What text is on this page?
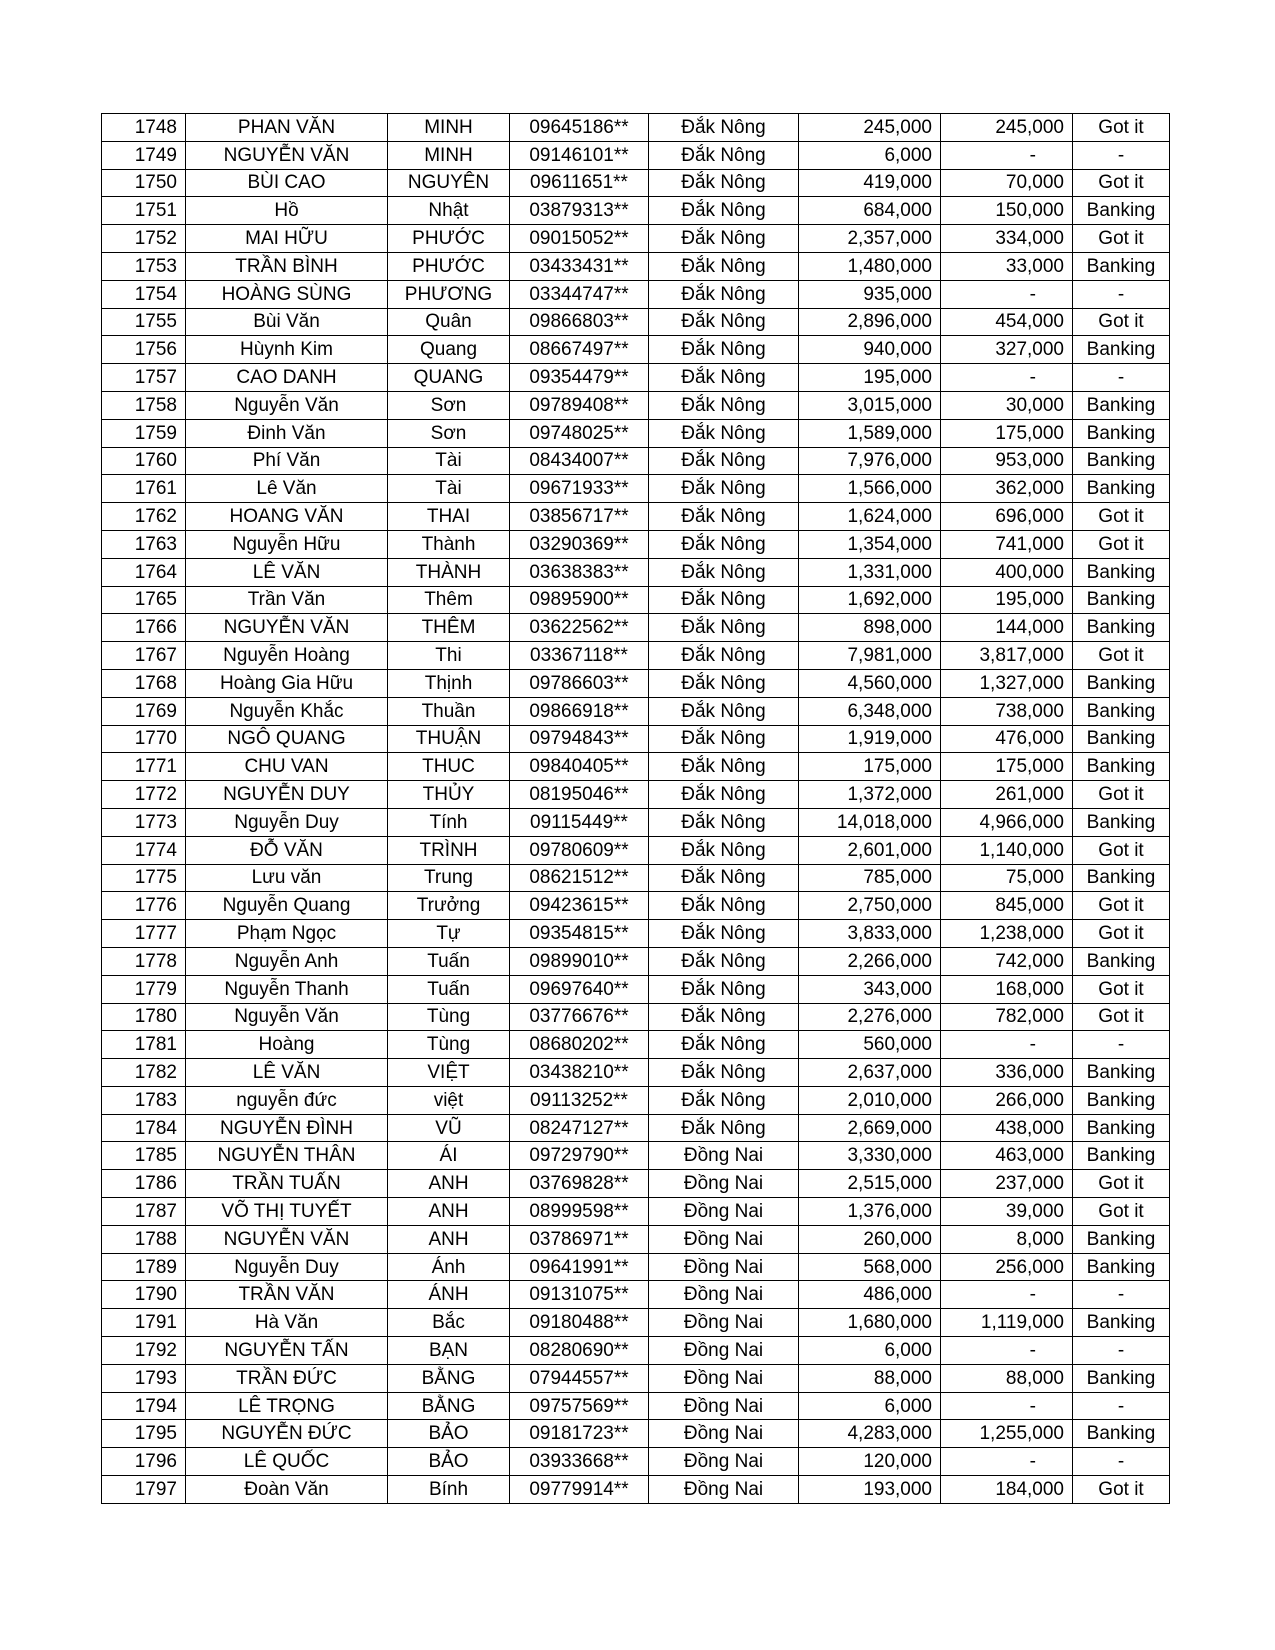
1748	PHAN VĂN	MINH	09645186**	Đắk Nông	245,000	245,000	Got it
1749	NGUYỄN VĂN	MINH	09146101**	Đắk Nông	6,000	-	-
1750	BÙI CAO	NGUYÊN	09611651**	Đắk Nông	419,000	70,000	Got it
1751	Hồ	Nhật	03879313**	Đắk Nông	684,000	150,000	Banking
1752	MAI HỮU	PHƯỚC	09015052**	Đắk Nông	2,357,000	334,000	Got it
1753	TRẦN BÌNH	PHƯỚC	03433431**	Đắk Nông	1,480,000	33,000	Banking
1754	HOÀNG SÙNG	PHƯƠNG	03344747**	Đắk Nông	935,000	-	-
1755	Bùi Văn	Quân	09866803**	Đắk Nông	2,896,000	454,000	Got it
1756	Hùynh Kim	Quang	08667497**	Đắk Nông	940,000	327,000	Banking
1757	CAO DANH	QUANG	09354479**	Đắk Nông	195,000	-	-
1758	Nguyễn Văn	Sơn	09789408**	Đắk Nông	3,015,000	30,000	Banking
1759	Đinh Văn	Sơn	09748025**	Đắk Nông	1,589,000	175,000	Banking
1760	Phí Văn	Tài	08434007**	Đắk Nông	7,976,000	953,000	Banking
1761	Lê Văn	Tài	09671933**	Đắk Nông	1,566,000	362,000	Banking
1762	HOANG VĂN	THAI	03856717**	Đắk Nông	1,624,000	696,000	Got it
1763	Nguyễn Hữu	Thành	03290369**	Đắk Nông	1,354,000	741,000	Got it
1764	LÊ VĂN	THÀNH	03638383**	Đắk Nông	1,331,000	400,000	Banking
1765	Trần Văn	Thêm	09895900**	Đắk Nông	1,692,000	195,000	Banking
1766	NGUYỄN VĂN	THÊM	03622562**	Đắk Nông	898,000	144,000	Banking
1767	Nguyễn Hoàng	Thi	03367118**	Đắk Nông	7,981,000	3,817,000	Got it
1768	Hoàng Gia Hữu	Thịnh	09786603**	Đắk Nông	4,560,000	1,327,000	Banking
1769	Nguyễn Khắc	Thuần	09866918**	Đắk Nông	6,348,000	738,000	Banking
1770	NGÔ QUANG	THUẬN	09794843**	Đắk Nông	1,919,000	476,000	Banking
1771	CHU VAN	THUC	09840405**	Đắk Nông	175,000	175,000	Banking
1772	NGUYỄN DUY	THỦY	08195046**	Đắk Nông	1,372,000	261,000	Got it
1773	Nguyễn Duy	Tính	09115449**	Đắk Nông	14,018,000	4,966,000	Banking
1774	ĐỖ VĂN	TRÌNH	09780609**	Đắk Nông	2,601,000	1,140,000	Got it
1775	Lưu văn	Trung	08621512**	Đắk Nông	785,000	75,000	Banking
1776	Nguyễn Quang	Trưởng	09423615**	Đắk Nông	2,750,000	845,000	Got it
1777	Phạm Ngọc	Tự	09354815**	Đắk Nông	3,833,000	1,238,000	Got it
1778	Nguyễn Anh	Tuấn	09899010**	Đắk Nông	2,266,000	742,000	Banking
1779	Nguyễn Thanh	Tuấn	09697640**	Đắk Nông	343,000	168,000	Got it
1780	Nguyễn Văn	Tùng	03776676**	Đắk Nông	2,276,000	782,000	Got it
1781	Hoàng	Tùng	08680202**	Đắk Nông	560,000	-	-
1782	LÊ VĂN	VIỆT	03438210**	Đắk Nông	2,637,000	336,000	Banking
1783	nguyễn đức	việt	09113252**	Đắk Nông	2,010,000	266,000	Banking
1784	NGUYỄN ĐÌNH	VŨ	08247127**	Đắk Nông	2,669,000	438,000	Banking
1785	NGUYỄN THÂN	ÁI	09729790**	Đồng Nai	3,330,000	463,000	Banking
1786	TRẦN TUẤN	ANH	03769828**	Đồng Nai	2,515,000	237,000	Got it
1787	VÕ THỊ TUYẾT	ANH	08999598**	Đồng Nai	1,376,000	39,000	Got it
1788	NGUYỄN VĂN	ANH	03786971**	Đồng Nai	260,000	8,000	Banking
1789	Nguyễn Duy	Ánh	09641991**	Đồng Nai	568,000	256,000	Banking
1790	TRẦN VĂN	ÁNH	09131075**	Đồng Nai	486,000	-	-
1791	Hà Văn	Bắc	09180488**	Đồng Nai	1,680,000	1,119,000	Banking
1792	NGUYỄN TẤN	BẠN	08280690**	Đồng Nai	6,000	-	-
1793	TRẦN ĐỨC	BẰNG	07944557**	Đồng Nai	88,000	88,000	Banking
1794	LÊ TRỌNG	BẰNG	09757569**	Đồng Nai	6,000	-	-
1795	NGUYỄN ĐỨC	BẢO	09181723**	Đồng Nai	4,283,000	1,255,000	Banking
1796	LÊ QUỐC	BẢO	03933668**	Đồng Nai	120,000	-	-
1797	Đoàn Văn	Bính	09779914**	Đồng Nai	193,000	184,000	Got it
